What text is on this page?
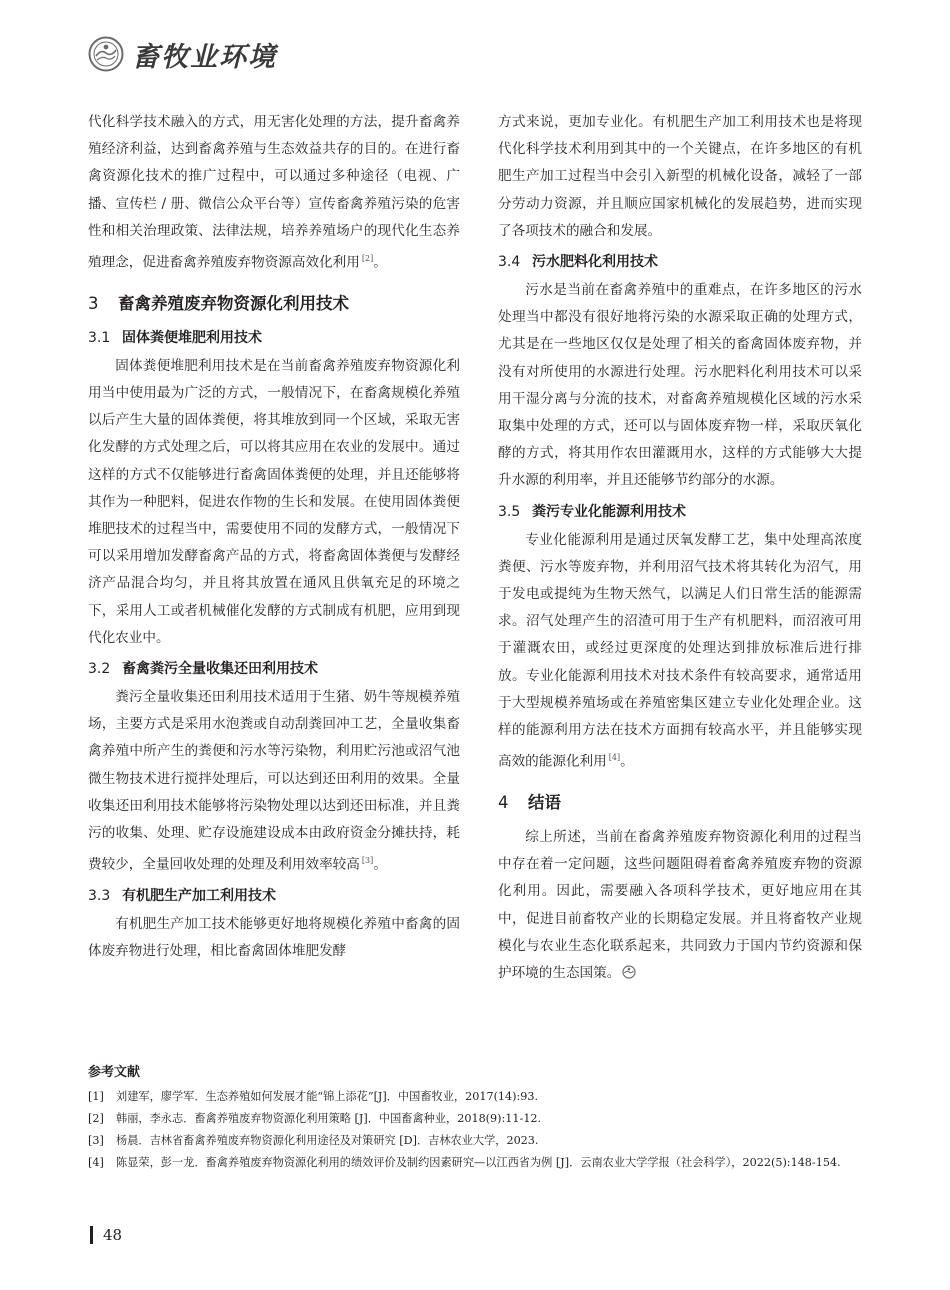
畜牧业环境

代化科学技术融入的方式，用无害化处理的方法，提升畜禽养殖经济利益，达到畜禽养殖与生态效益共存的目的。在进行畜禽资源化技术的推广过程中，可以通过多种途径（电视、广播、宣传栏 / 册、微信公众平台等）宣传畜禽养殖污染的危害性和相关治理政策、法律法规，培养养殖场户的现代化生态养殖理念，促进畜禽养殖废弃物资源高效化利用 [2]。

3 畜禽养殖废弃物资源化利用技术
3.1 固体粪便堆肥利用技术

固体粪便堆肥利用技术是在当前畜禽养殖废弃物资源化利用当中使用最为广泛的方式，一般情况下，在畜禽规模化养殖以后产生大量的固体粪便，将其堆放到同一个区域，采取无害化发酵的方式处理之后，可以将其应用在农业的发展中。通过这样的方式不仅能够进行畜禽固体粪便的处理，并且还能够将其作为一种肥料，促进农作物的生长和发展。在使用固体粪便堆肥技术的过程当中，需要使用不同的发酵方式，一般情况下可以采用增加发酵畜禽产品的方式，将畜禽固体粪便与发酵经济产品混合均匀，并且将其放置在通风且供氧充足的环境之下，采用人工或者机械催化发酵的方式制成有机肥，应用到现代化农业中。

3.2 畜禽粪污全量收集还田利用技术

粪污全量收集还田利用技术适用于生猪、奶牛等规模养殖场，主要方式是采用水泡粪或自动刮粪回冲工艺，全量收集畜禽养殖中所产生的粪便和污水等污染物，利用贮污池或沼气池微生物技术进行搅拌处理后，可以达到还田利用的效果。全量收集还田利用技术能够将污染物处理以达到还田标准，并且粪污的收集、处理、贮存设施建设成本由政府资金分摊扶持，耗费较少，全量回收处理的处理及利用效率较高 [3]。

3.3 有机肥生产加工利用技术

有机肥生产加工技术能够更好地将规模化养殖中畜禽的固体废弃物进行处理，相比畜禽固体堆肥发酵

方式来说，更加专业化。有机肥生产加工利用技术也是将现代化科学技术利用到其中的一个关键点，在许多地区的有机肥生产加工过程当中会引入新型的机械化设备，减轻了一部分劳动力资源，并且顺应国家机械化的发展趋势，进而实现了各项技术的融合和发展。

3.4 污水肥料化利用技术

污水是当前在畜禽养殖中的重难点，在许多地区的污水处理当中都没有很好地将污染的水源采取正确的处理方式，尤其是在一些地区仅仅是处理了相关的畜禽固体废弃物，并没有对所使用的水源进行处理。污水肥料化利用技术可以采用干湿分离与分流的技术，对畜禽养殖规模化区域的污水采取集中处理的方式，还可以与固体废弃物一样，采取厌氧化酵的方式，将其用作农田灌溉用水，这样的方式能够大大提升水源的利用率，并且还能够节约部分的水源。

3.5 粪污专业化能源利用技术

专业化能源利用是通过厌氧发酵工艺，集中处理高浓度粪便、污水等废弃物，并利用沼气技术将其转化为沼气，用于发电或提纯为生物天然气，以满足人们日常生活的能源需求。沼气处理产生的沼渣可用于生产有机肥料，而沼液可用于灌溉农田，或经过更深度的处理达到排放标准后进行排放。专业化能源利用技术对技术条件有较高要求，通常适用于大型规模养殖场或在养殖密集区建立专业化处理企业。这样的能源利用方法在技术方面拥有较高水平，并且能够实现高效的能源化利用 [4]。

4 结语

综上所述，当前在畜禽养殖废弃物资源化利用的过程当中存在着一定问题，这些问题阻碍着畜禽养殖废弃物的资源化利用。因此，需要融入各项科学技术，更好地应用在其中，促进目前畜牧产业的长期稳定发展。并且将畜牧产业规模化与农业生态化联系起来，共同致力于国内节约资源和保护环境的生态国策。

参考文献
[1]	刘建军，廖学军．生态养殖如何发展才能“锦上添花”[J]．中国畜牧业，2017(14):93.
[2]	韩丽，李永志．畜禽养殖废弃物资源化利用策略 [J]．中国畜禽种业，2018(9):11-12.
[3]	杨晨．吉林省畜禽养殖废弃物资源化利用途径及对策研究 [D]．吉林农业大学，2023.
[4]	陈显荣，彭一龙．畜禽养殖废弃物资源化利用的绩效评价及制约因素研究—以江西省为例 [J]．云南农业大学学报（社会科学），2022(5):148-154.
48
